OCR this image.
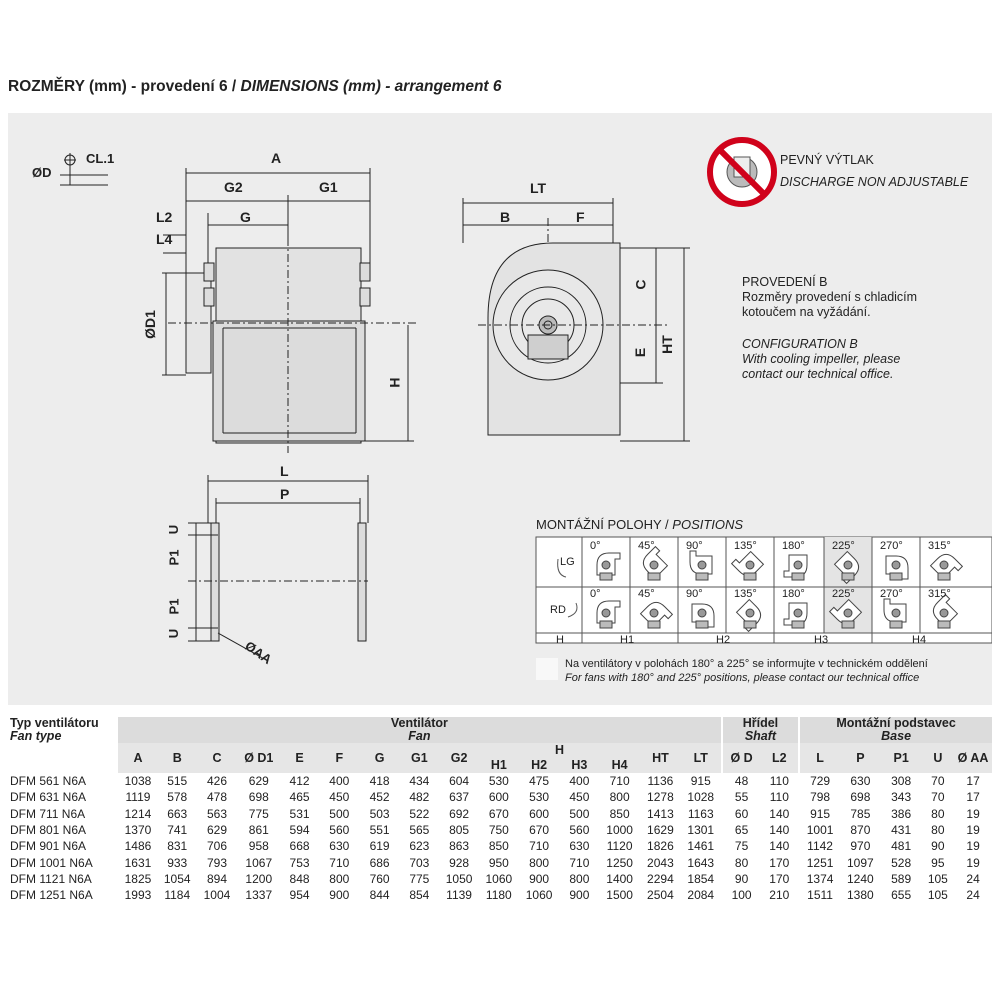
ROZMĚRY (mm) - provedení 6 / DIMENSIONS (mm) - arrangement 6
ØD
CL.1	A
G2	G1
L2	G
L4
ØD1
H
LT
B	F
C
E HT
L
P
U
P1
P1
U
ØAA
PEVNÝ VÝTLAK
DISCHARGE NON ADJUSTABLE
PROVEDENÍ B
Rozměry provedení s chladicím
kotoučem na vyžádání.
CONFIGURATION B
With cooling impeller, please
contact our technical office.
MONTÁŽNÍ POLOHY / POSITIONS
LG
RD
0°	45°	90°	135° 180° 225° 270° 315°
0°	45°	90°	135° 180° 225° 270° 315°
H	H1	H2	H3	H4
Na ventilátory v polohách 180° a 225° se informujte v technickém oddělení
For fans with 180° and 225° positions, please contact our technical office
Typ ventilátoru
Fan type	Ventilátor
Fan															Hřídel
Shaft		Montážní podstavec
Base				
	A	B	C	Ø D1	E	F	G	G1	G2	H				HT	LT	Ø D	L2	L	P	P1	U	Ø AA
										H1	H2	H3	H4									
DFM 561 N6A	1038	515	426	629	412	400	418	434	604	530	475	400	710	1136	915	48	110	729	630	308	70	17
DFM 631 N6A	1119	578	478	698	465	450	452	482	637	600	530	450	800	1278	1028	55	110	798	698	343	70	17
DFM 711 N6A	1214	663	563	775	531	500	503	522	692	670	600	500	850	1413	1163	60	140	915	785	386	80	19
DFM 801 N6A	1370	741	629	861	594	560	551	565	805	750	670	560	1000	1629	1301	65	140	1001	870	431	80	19
DFM 901 N6A	1486	831	706	958	668	630	619	623	863	850	710	630	1120	1826	1461	75	140	1142	970	481	90	19
DFM 1001 N6A	1631	933	793	1067	753	710	686	703	928	950	800	710	1250	2043	1643	80	170	1251	1097	528	95	19
DFM 1121 N6A	1825	1054	894	1200	848	800	760	775	1050	1060	900	800	1400	2294	1854	90	170	1374	1240	589	105	24
DFM 1251 N6A	1993	1184	1004	1337	954	900	844	854	1139	1180	1060	900	1500	2504	2084	100	210	1511	1380	655	105	24
